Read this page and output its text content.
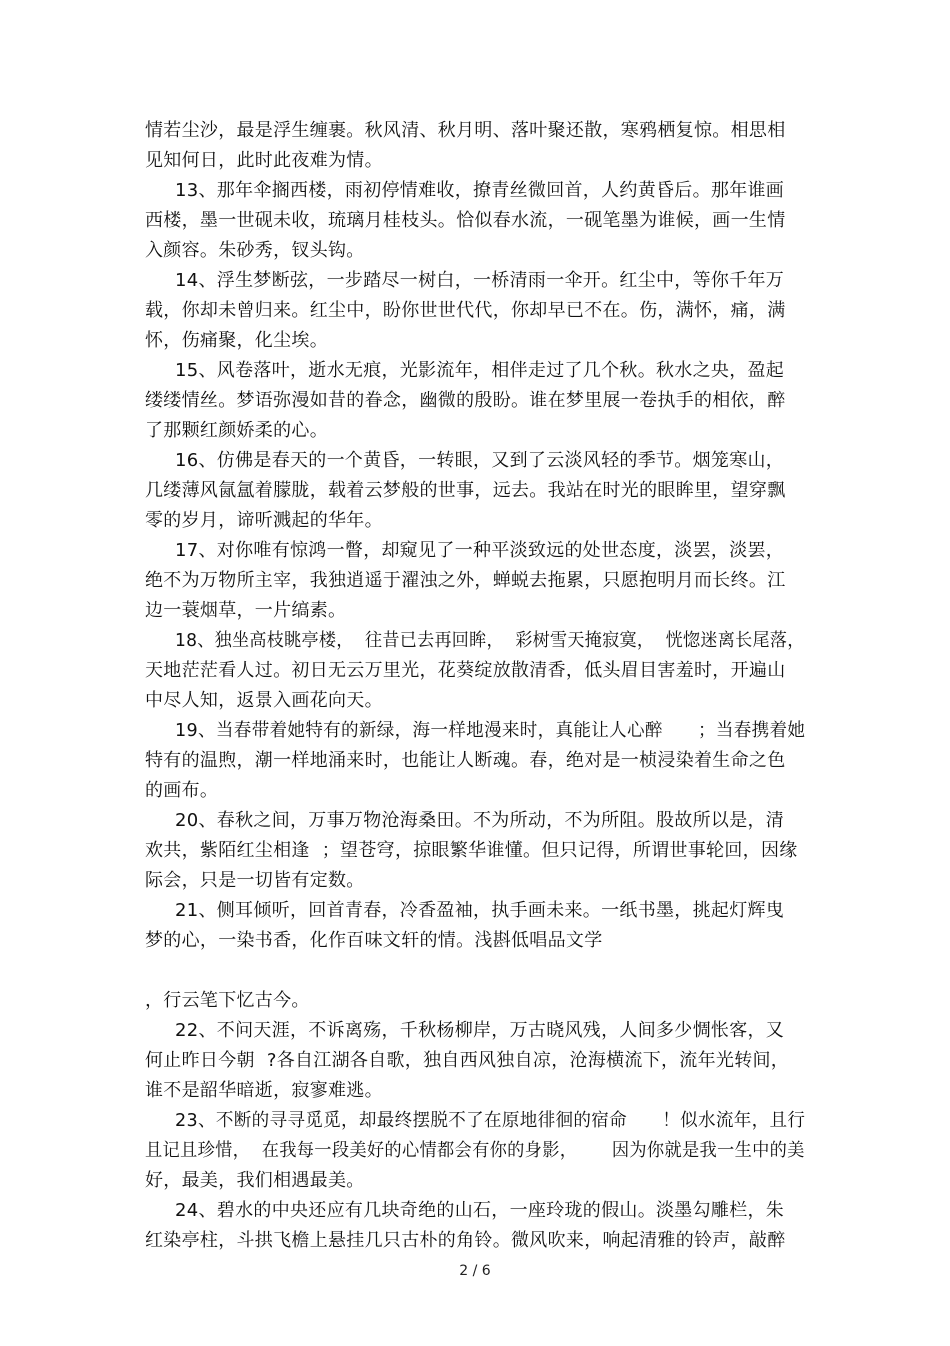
情若尘沙，最是浮生缠裹。秋风清、秋月明、落叶聚还散，寒鸦栖复惊。相思相
见知何日，此时此夜难为情。
13、那年伞搁西楼，雨初停情难收，撩青丝微回首，人约黄昏后。那年谁画
西楼，墨一世砚未收，琉璃月桂枝头。恰似春水流，一砚笔墨为谁候，画一生情
入颜容。朱砂秀，钗头钩。
14、浮生梦断弦，一步踏尽一树白，一桥清雨一伞开。红尘中，等你千年万
载，你却未曾归来。红尘中，盼你世世代代，你却早已不在。伤，满怀，痛，满
怀，伤痛聚，化尘埃。
15、风卷落叶，逝水无痕，光影流年，相伴走过了几个秋。秋水之央，盈起
缕缕情丝。梦语弥漫如昔的眷念，幽微的殷盼。谁在梦里展一卷执手的相依，醉
了那颗红颜娇柔的心。
16、仿佛是春天的一个黄昏，一转眼，又到了云淡风轻的季节。烟笼寒山，
几缕薄风氤氲着朦胧，载着云梦般的世事，远去。我站在时光的眼眸里，望穿飘
零的岁月，谛听溅起的华年。
17、对你唯有惊鸿一瞥，却窥见了一种平淡致远的处世态度，淡罢，淡罢，
绝不为万物所主宰，我独逍遥于濯浊之外，蝉蜕去拖累，只愿抱明月而长终。江
边一蓑烟草，一片缟素。
18、独坐高枝眺亭楼，  往昔已去再回眸，  彩树雪天掩寂寞，  恍惚迷离长尾落，
天地茫茫看人过。初日无云万里光，花葵绽放散清香，低头眉目害羞时，开遍山
中尽人知，返景入画花向天。
19、当春带着她特有的新绿，海一样地漫来时，真能让人心醉      ；当春携着她
特有的温煦，潮一样地涌来时，也能让人断魂。春，绝对是一桢浸染着生命之色
的画布。
20、春秋之间，万事万物沧海桑田。不为所动，不为所阻。股故所以是，清
欢共，紫陌红尘相逢  ；望苍穹，掠眼繁华谁懂。但只记得，所谓世事轮回，因缘
际会，只是一切皆有定数。
21、侧耳倾听，回首青春，冷香盈袖，执手画未来。一纸书墨，挑起灯辉曳
梦的心，一染书香，化作百味文轩的情。浅斟低唱品文学
，行云笔下忆古今。
22、不问天涯，不诉离殇，千秋杨柳岸，万古晓风残，人间多少惆怅客，又
何止昨日今朝  ?各自江湖各自歌，独自西风独自凉，沧海横流下，流年光转间，
谁不是韶华暗逝，寂寥难逃。
23、不断的寻寻觅觅，却最终摆脱不了在原地徘徊的宿命      ！似水流年，且行
且记且珍惜，  在我每一段美好的心情都会有你的身影，      因为你就是我一生中的美
好，最美，我们相遇最美。
24、碧水的中央还应有几块奇绝的山石，一座玲珑的假山。淡墨勾雕栏，朱
红染亭柱，斗拱飞檐上悬挂几只古朴的角铃。微风吹来，响起清雅的铃声，敲醉
2 / 6
